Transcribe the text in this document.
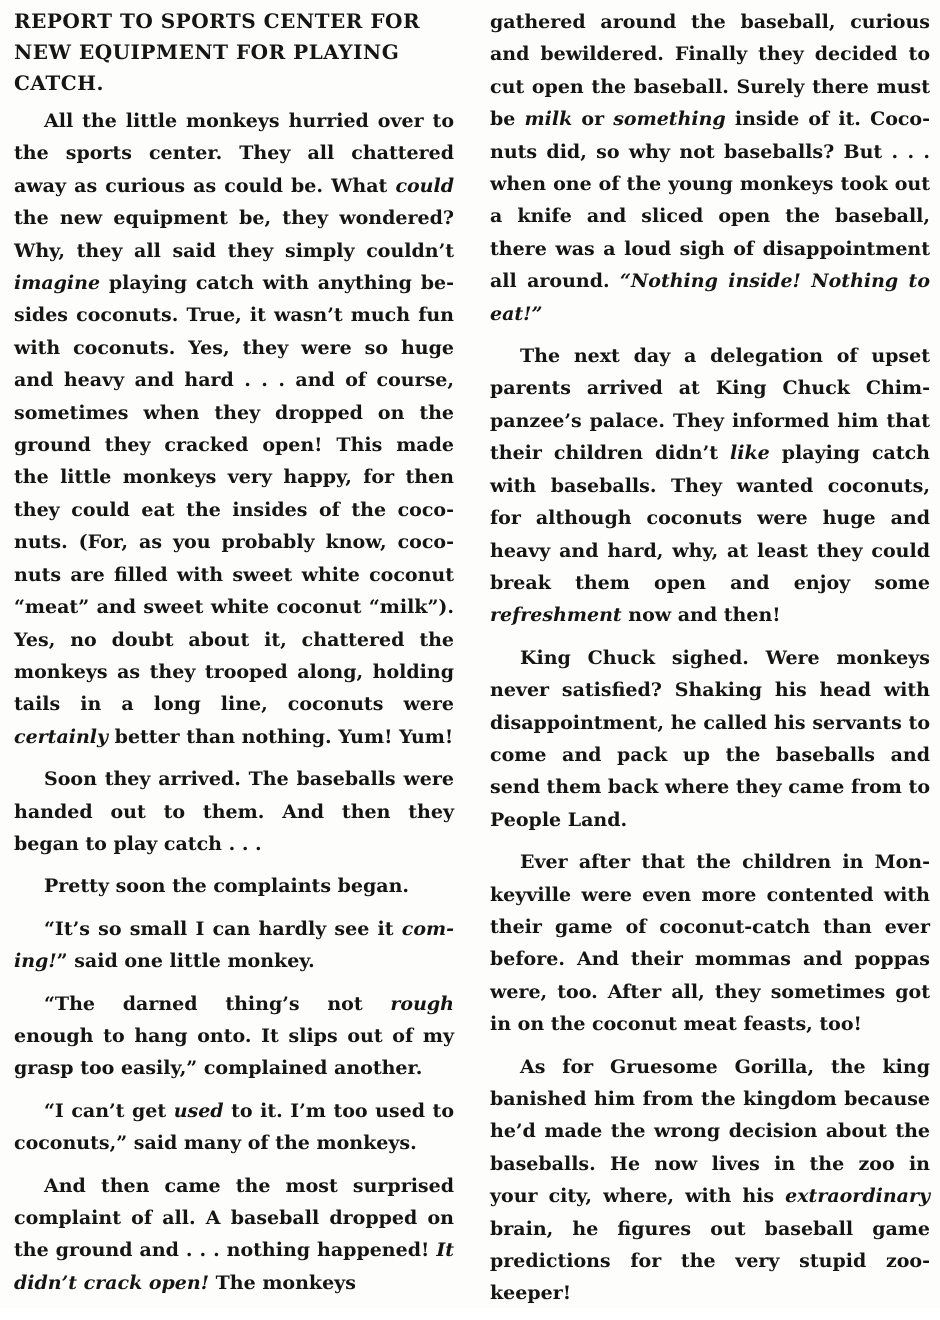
REPORT TO SPORTS CENTER FOR NEW EQUIPMENT FOR PLAYING CATCH.

All the little monkeys hurried over to the sports center. They all chattered away as curious as could be. What could the new equipment be, they wondered? Why, they all said they simply couldn’t imagine playing catch with anything besides coconuts. True, it wasn’t much fun with coconuts. Yes, they were so huge and heavy and hard . . . and of course, sometimes when they dropped on the ground they cracked open! This made the little monkeys very happy, for then they could eat the insides of the coconuts. (For, as you probably know, coconuts are filled with sweet white coconut “meat” and sweet white coconut “milk”). Yes, no doubt about it, chattered the monkeys as they trooped along, holding tails in a long line, coconuts were certainly better than nothing. Yum! Yum!

Soon they arrived. The baseballs were handed out to them. And then they began to play catch . . .

Pretty soon the complaints began.

“It’s so small I can hardly see it coming!” said one little monkey.

“The darned thing’s not rough enough to hang onto. It slips out of my grasp too easily,” complained another.

“I can’t get used to it. I’m too used to coconuts,” said many of the monkeys.

And then came the most surprised complaint of all. A baseball dropped on the ground and . . . nothing happened! It didn’t crack open! The monkeys

gathered around the baseball, curious and bewildered. Finally they decided to cut open the baseball. Surely there must be milk or something inside of it. Coconuts did, so why not baseballs? But . . . when one of the young monkeys took out a knife and sliced open the baseball, there was a loud sigh of disappointment all around. “Nothing inside! Nothing to eat!”

The next day a delegation of upset parents arrived at King Chuck Chimpanzee’s palace. They informed him that their children didn’t like playing catch with baseballs. They wanted coconuts, for although coconuts were huge and heavy and hard, why, at least they could break them open and enjoy some refreshment now and then!

King Chuck sighed. Were monkeys never satisfied? Shaking his head with disappointment, he called his servants to come and pack up the baseballs and send them back where they came from to People Land.

Ever after that the children in Monkeyville were even more contented with their game of coconut-catch than ever before. And their mommas and poppas were, too. After all, they sometimes got in on the coconut meat feasts, too!

As for Gruesome Gorilla, the king banished him from the kingdom because he’d made the wrong decision about the baseballs. He now lives in the zoo in your city, where, with his extraordinary brain, he figures out baseball game predictions for the very stupid zoo-keeper!
